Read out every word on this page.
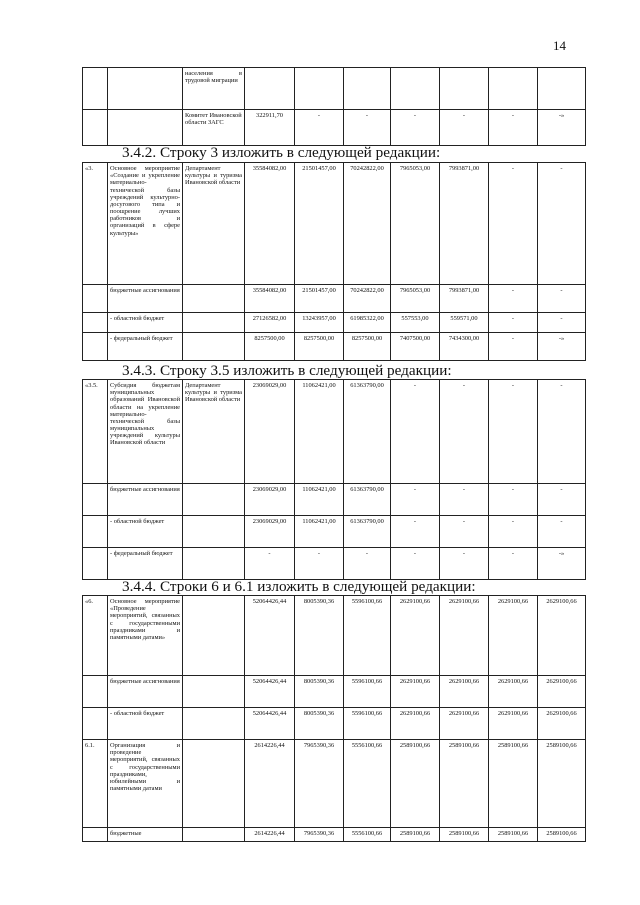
14
		населения в трудовой миграции							
		Комитет Ивановской области ЗАГС	322911,70	-	-	-	-	-	-»
3.4.2. Строку 3 изложить в следующей редакции:
«3.	Основное мероприятие «Создание и укрепление материально-технической базы учреждений культурно-досугового типа и поощрение лучших работников и организаций в сфере культуры»	Департамент культуры и туризма Ивановской области	35584082,00	21501457,00	70242822,00	7965053,00	7993871,00	-	-
	бюджетные ассигнования		35584082,00	21501457,00	70242822,00	7965053,00	7993871,00	-	-
	- областной бюджет		27126582,00	13243957,00	61985322,00	557553,00	559571,00	-	-
	- федеральный бюджет		8257500,00	8257500,00	8257500,00	7407500,00	7434300,00	-	-»
3.4.3. Строку 3.5 изложить в следующей редакции:
«3.5.	Субсидия бюджетам муниципальных образований Ивановской области на укрепление материально-технической базы муниципальных учреждений культуры Ивановской области	Департамент культуры и туризма Ивановской области	23069029,00	11062421,00	61363790,00	-	-	-	-
	бюджетные ассигнования		23069029,00	11062421,00	61363790,00	-	-	-	-
	- областной бюджет		23069029,00	11062421,00	61363790,00	-	-	-	-
	- федеральный бюджет		-	-	-	-	-	-	-»
3.4.4. Строки 6 и 6.1 изложить в следующей редакции:
«6.	Основное мероприятие «Проведение мероприятий, связанных с государственными праздниками и памятными датами»		52064426,44	8005390,36	5596100,66	2629100,66	2629100,66	2629100,66	2629100,66
	бюджетные ассигнования		52064426,44	8005390,36	5596100,66	2629100,66	2629100,66	2629100,66	2629100,66
	- областной бюджет		52064426,44	8005390,36	5596100,66	2629100,66	2629100,66	2629100,66	2629100,66
6.1.	Организация и проведение мероприятий, связанных с государственными праздниками, юбилейными и памятными датами		2614226,44	7965390,36	5556100,66	2589100,66	2589100,66	2589100,66	2589100,66
	бюджетные		2614226,44	7965390,36	5556100,66	2589100,66	2589100,66	2589100,66	2589100,66
